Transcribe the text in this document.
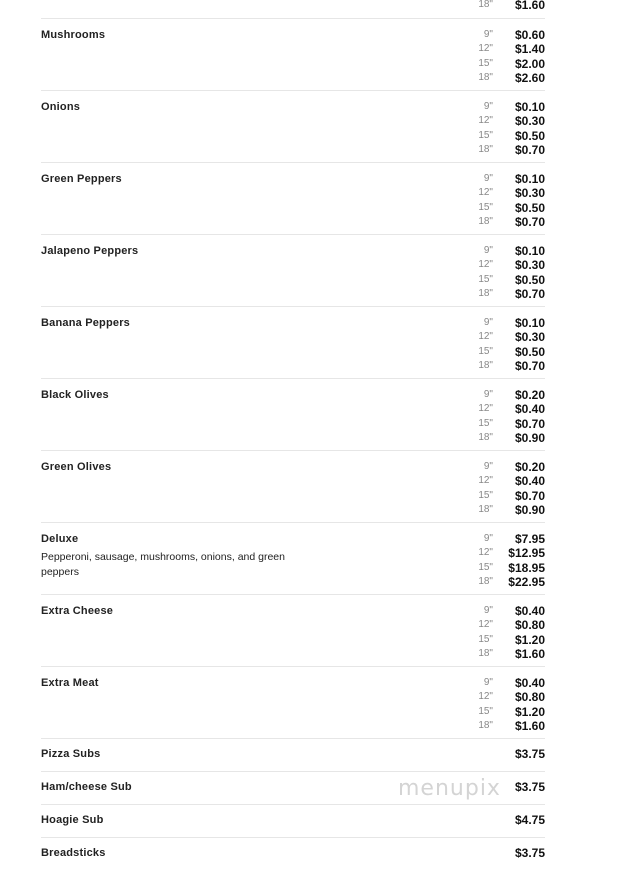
18" $1.60
Mushrooms	9" $0.60
12" $1.40
15" $2.00
18" $2.60
Onions	9" $0.10
12" $0.30
15" $0.50
18" $0.70
Green Peppers	9" $0.10
12" $0.30
15" $0.50
18" $0.70
Jalapeno Peppers	9" $0.10
12" $0.30
15" $0.50
18" $0.70
Banana Peppers	9" $0.10
12" $0.30
15" $0.50
18" $0.70
Black Olives	9" $0.20
12" $0.40
15" $0.70
18" $0.90
Green Olives	9" $0.20
12" $0.40
15" $0.70
18" $0.90
Deluxe
Pepperoni, sausage, mushrooms, onions, and green peppers
9" $7.95
12" $12.95
15" $18.95
18" $22.95
Extra Cheese	9" $0.40
12" $0.80
15" $1.20
18" $1.60
Extra Meat	9" $0.40
12" $0.80
15" $1.20
18" $1.60
Pizza Subs	$3.75
Ham/cheese Sub	$3.75
Hoagie Sub	$4.75
Breadsticks	$3.75
menupix
